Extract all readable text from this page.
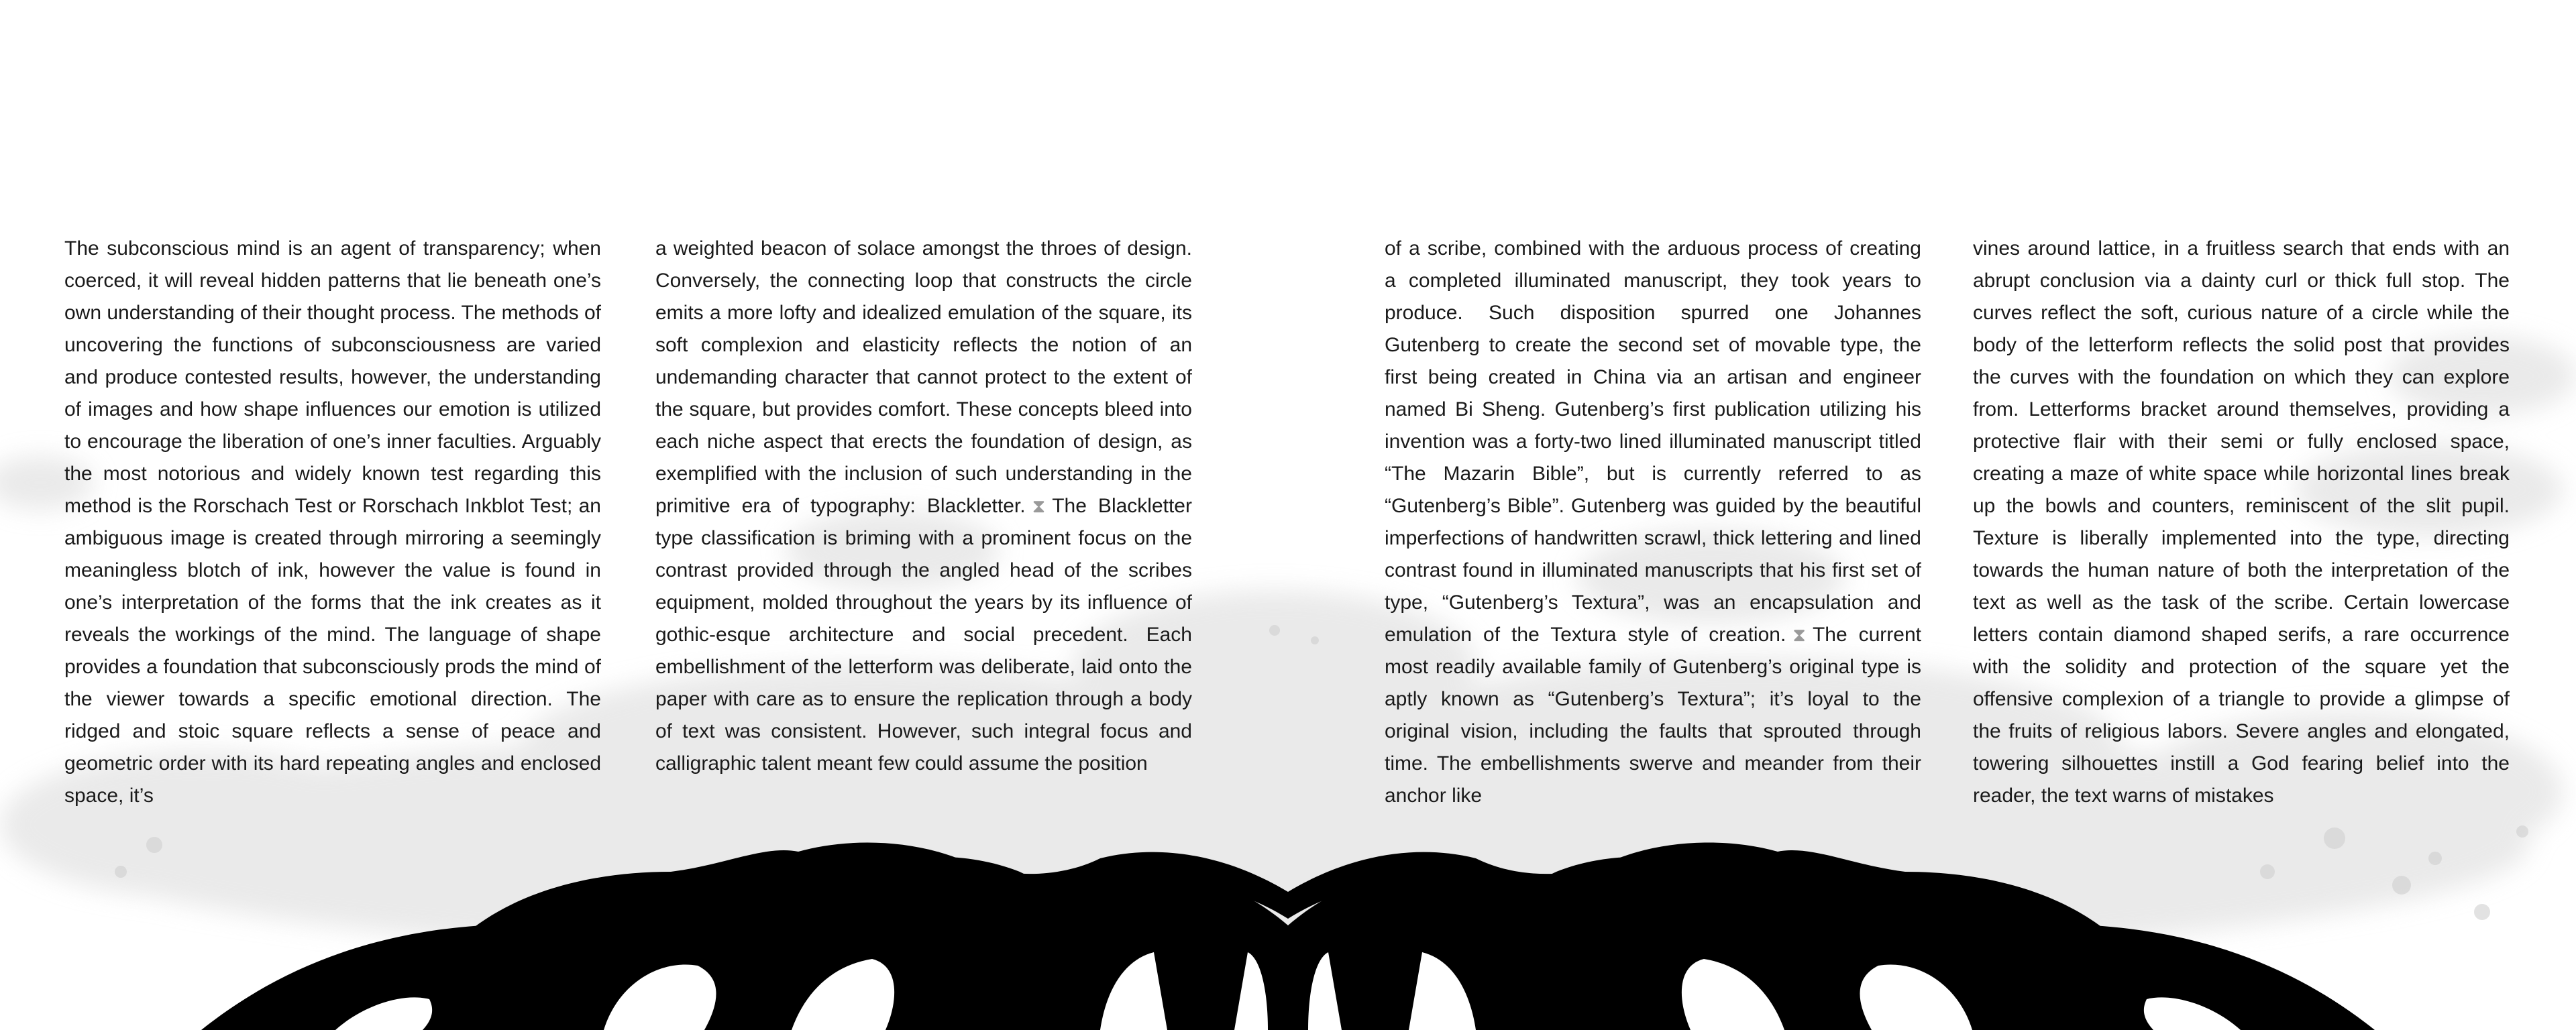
The subconscious mind is an agent of transparency; when coerced, it will reveal hidden patterns that lie beneath one’s own understanding of their thought process. The methods of uncovering the functions of subconsciousness are varied and produce contested results, however, the understanding of images and how shape influences our emotion is utilized to encourage the liberation of one’s inner faculties. Arguably the most notorious and widely known test regarding this method is the Rorschach Test or Rorschach Inkblot Test; an ambiguous image is created through mirroring a seemingly meaningless blotch of ink, however the value is found in one’s interpretation of the forms that the ink creates as it reveals the workings of the mind. The language of shape provides a foundation that subconsciously prods the mind of the viewer towards a specific emotional direction. The ridged and stoic square reflects a sense of peace and geometric order with its hard repeating angles and enclosed space, it’s
a weighted beacon of solace amongst the throes of design. Conversely, the connecting loop that constructs the circle emits a more lofty and idealized emulation of the square, its soft complexion and elasticity reflects the notion of an undemanding character that cannot protect to the extent of the square, but provides comfort. These concepts bleed into each niche aspect that erects the foundation of design, as exemplified with the inclusion of such understanding in the primitive era of typography: Blackletter. ⧗ The Blackletter type classification is briming with a prominent focus on the contrast provided through the angled head of the scribes equipment, molded throughout the years by its influence of gothic-esque architecture and social precedent. Each embellishment of the letterform was deliberate, laid onto the paper with care as to ensure the replication through a body of text was consistent. However, such integral focus and calligraphic talent meant few could assume the position
of a scribe, combined with the arduous process of creating a completed illuminated manuscript, they took years to produce. Such disposition spurred one Johannes Gutenberg to create the second set of movable type, the first being created in China via an artisan and engineer named Bi Sheng. Gutenberg’s first publication utilizing his invention was a forty-two lined illuminated manuscript titled “The Mazarin Bible”, but is currently referred to as “Gutenberg’s Bible”. Gutenberg was guided by the beautiful imperfections of handwritten scrawl, thick lettering and lined contrast found in illuminated manuscripts that his first set of type, “Gutenberg’s Textura”, was an encapsulation and emulation of the Textura style of creation. ⧗ The current most readily available family of Gutenberg’s original type is aptly known as “Gutenberg’s Textura”; it’s loyal to the original vision, including the faults that sprouted through time. The embellishments swerve and meander from their anchor like
vines around lattice, in a fruitless search that ends with an abrupt conclusion via a dainty curl or thick full stop. The curves reflect the soft, curious nature of a circle while the body of the letterform reflects the solid post that provides the curves with the foundation on which they can explore from. Letterforms bracket around themselves, providing a protective flair with their semi or fully enclosed space, creating a maze of white space while horizontal lines break up the bowls and counters, reminiscent of the slit pupil. Texture is liberally implemented into the type, directing towards the human nature of both the interpretation of the text as well as the task of the scribe. Certain lowercase letters contain diamond shaped serifs, a rare occurrence with the solidity and protection of the square yet the offensive complexion of a triangle to provide a glimpse of the fruits of religious labors. Severe angles and elongated, towering silhouettes instill a God fearing belief into the reader, the text warns of mistakes
